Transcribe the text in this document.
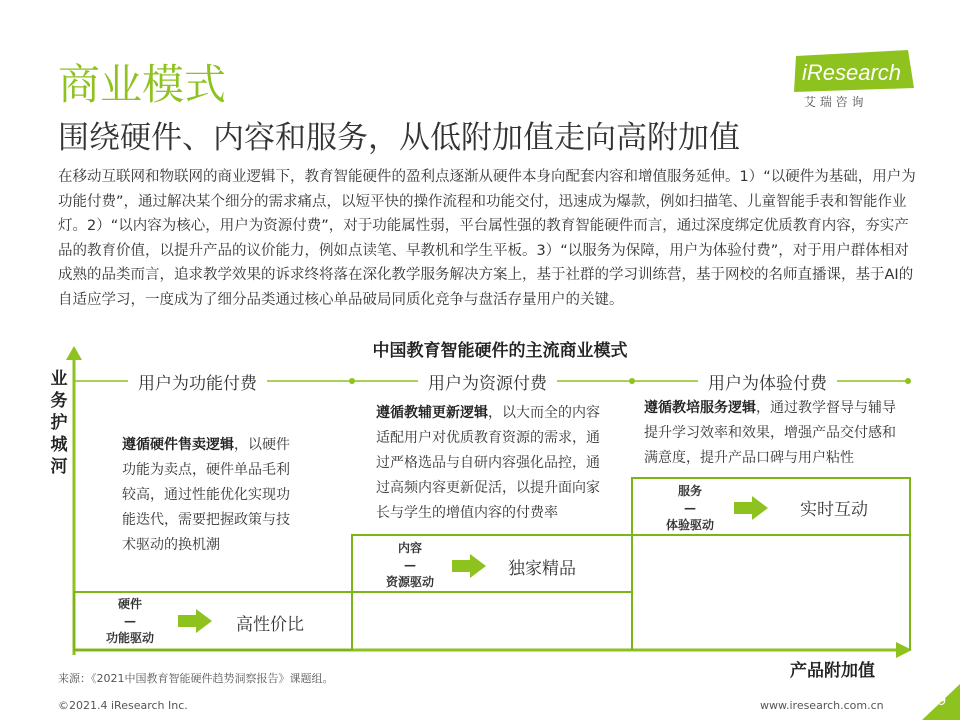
商业模式
围绕硬件、内容和服务，从低附加值走向高附加值
iResearch
艾 瑞 咨 询
在移动互联网和物联网的商业逻辑下，教育智能硬件的盈利点逐渐从硬件本身向配套内容和增值服务延伸。1）“以硬件为基础，用户为功能付费”，通过解决某个细分的需求痛点，以短平快的操作流程和功能交付，迅速成为爆款，例如扫描笔、儿童智能手表和智能作业灯。2）“以内容为核心，用户为资源付费”，对于功能属性弱，平台属性强的教育智能硬件而言，通过深度绑定优质教育内容，夯实产品的教育价值，以提升产品的议价能力，例如点读笔、早教机和学生平板。3）“以服务为保障，用户为体验付费”，对于用户群体相对成熟的品类而言，追求教学效果的诉求终将落在深化教学服务解决方案上，基于社群的学习训练营，基于网校的名师直播课，基于AI的自适应学习，一度成为了细分品类通过核心单品破局同质化竞争与盘活存量用户的关键。
中国教育智能硬件的主流商业模式
业
务
护
城
河
产品附加值
用户为功能付费	用户为资源付费	用户为体验付费
遵循硬件售卖逻辑，以硬件功能为卖点，硬件单品毛利较高，通过性能优化实现功能迭代，需要把握政策与技术驱动的换机潮
遵循教辅更新逻辑，以大而全的内容适配用户对优质教育资源的需求，通过严格选品与自研内容强化品控，通过高频内容更新促活，以提升面向家长与学生的增值内容的付费率
遵循教培服务逻辑，通过教学督导与辅导提升学习效率和效果，增强产品交付感和满意度，提升产品口碑与用户粘性
硬件
—
功能驱动
内容
—
资源驱动
服务
—
体验驱动
高性价比
独家精品
实时互动
来源：《2021中国教育智能硬件趋势洞察报告》课题组。
©2021.4 iResearch Inc.	www.iresearch.com.cn	9
